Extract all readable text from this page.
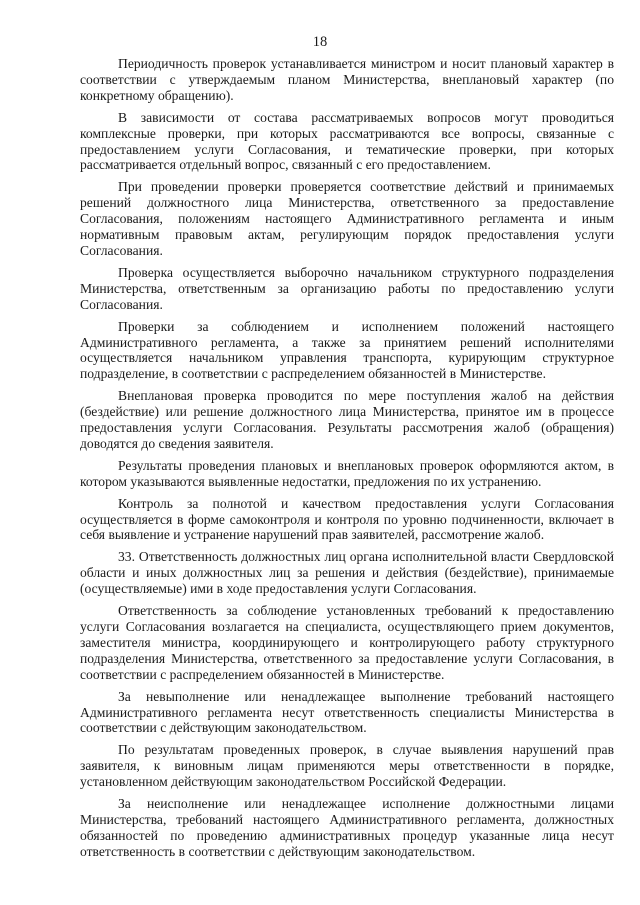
18

Периодичность проверок устанавливается министром и носит плановый характер в соответствии с утверждаемым планом Министерства, внеплановый характер (по конкретному обращению).

В зависимости от состава рассматриваемых вопросов могут проводиться комплексные проверки, при которых рассматриваются все вопросы, связанные с предоставлением услуги Согласования, и тематические проверки, при которых рассматривается отдельный вопрос, связанный с его предоставлением.

При проведении проверки проверяется соответствие действий и принимаемых решений должностного лица Министерства, ответственного за предоставление Согласования, положениям настоящего Административного регламента и иным нормативным правовым актам, регулирующим порядок предоставления услуги Согласования.

Проверка осуществляется выборочно начальником структурного подразделения Министерства, ответственным за организацию работы по предоставлению услуги Согласования.

Проверки за соблюдением и исполнением положений настоящего Административного регламента, а также за принятием решений исполнителями осуществляется начальником управления транспорта, курирующим структурное подразделение, в соответствии с распределением обязанностей в Министерстве.

Внеплановая проверка проводится по мере поступления жалоб на действия (бездействие) или решение должностного лица Министерства, принятое им в процессе предоставления услуги Согласования. Результаты рассмотрения жалоб (обращения) доводятся до сведения заявителя.

Результаты проведения плановых и внеплановых проверок оформляются актом, в котором указываются выявленные недостатки, предложения по их устранению.

Контроль за полнотой и качеством предоставления услуги Согласования осуществляется в форме самоконтроля и контроля по уровню подчиненности, включает в себя выявление и устранение нарушений прав заявителей, рассмотрение жалоб.

33. Ответственность должностных лиц органа исполнительной власти Свердловской области и иных должностных лиц за решения и действия (бездействие), принимаемые (осуществляемые) ими в ходе предоставления услуги Согласования.

Ответственность за соблюдение установленных требований к предоставлению услуги Согласования возлагается на специалиста, осуществляющего прием документов, заместителя министра, координирующего и контролирующего работу структурного подразделения Министерства, ответственного за предоставление услуги Согласования, в соответствии с распределением обязанностей в Министерстве.

За невыполнение или ненадлежащее выполнение требований настоящего Административного регламента несут ответственность специалисты Министерства в соответствии с действующим законодательством.

По результатам проведенных проверок, в случае выявления нарушений прав заявителя, к виновным лицам применяются меры ответственности в порядке, установленном действующим законодательством Российской Федерации.

За неисполнение или ненадлежащее исполнение должностными лицами Министерства, требований настоящего Административного регламента, должностных обязанностей по проведению административных процедур указанные лица несут ответственность в соответствии с действующим законодательством.
